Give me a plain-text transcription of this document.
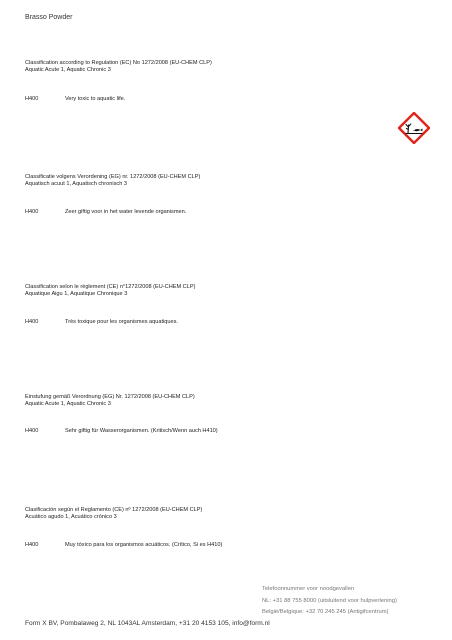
Brasso Powder
Classification according to Regulation (EC) No 1272/2008 (EU-CHEM CLP)
Aquatic Acute 1, Aquatic Chronic 3
H400	Very toxic to aquatic life.
Classificatie volgens Verordening (EG) nr. 1272/2008 (EU-CHEM CLP)
Aquatisch acuut 1, Aquatisch chronisch 3
H400	Zeer giftig voor in het water levende organismen.
Classification selon le règlement (CE) n°1272/2008 (EU-CHEM CLP)
Aquatique Aigu 1, Aquatique Chronique 3
H400	Très toxique pour les organismes aquatiques.
Einstufung gemäß Verordnung (EG) Nr. 1272/2008 (EU-CHEM CLP)
Aquatic Acute 1, Aquatic Chronic 3
H400	Sehr giftig für Wasserorganismen. (Kritisch/Wenn auch H410)
Clasificación según el Reglamento (CE) nº 1272/2008 (EU-CHEM CLP)
Acuático agudo 1, Acuático crónico 3
H400	Muy tóxico para los organismos acuáticos. (Crítico, Si es H410)
Telefoonnummer voor noodgevallen
NL: +31 88 755 8000 (uitsluitend voor hulpverlening)
België/Belgique: +32 70 245 245 (Antigifcentrum)
Form X BV, Pombalaweg 2, NL 1043AL Amsterdam, +31 20 4153 105, info@form.nl
